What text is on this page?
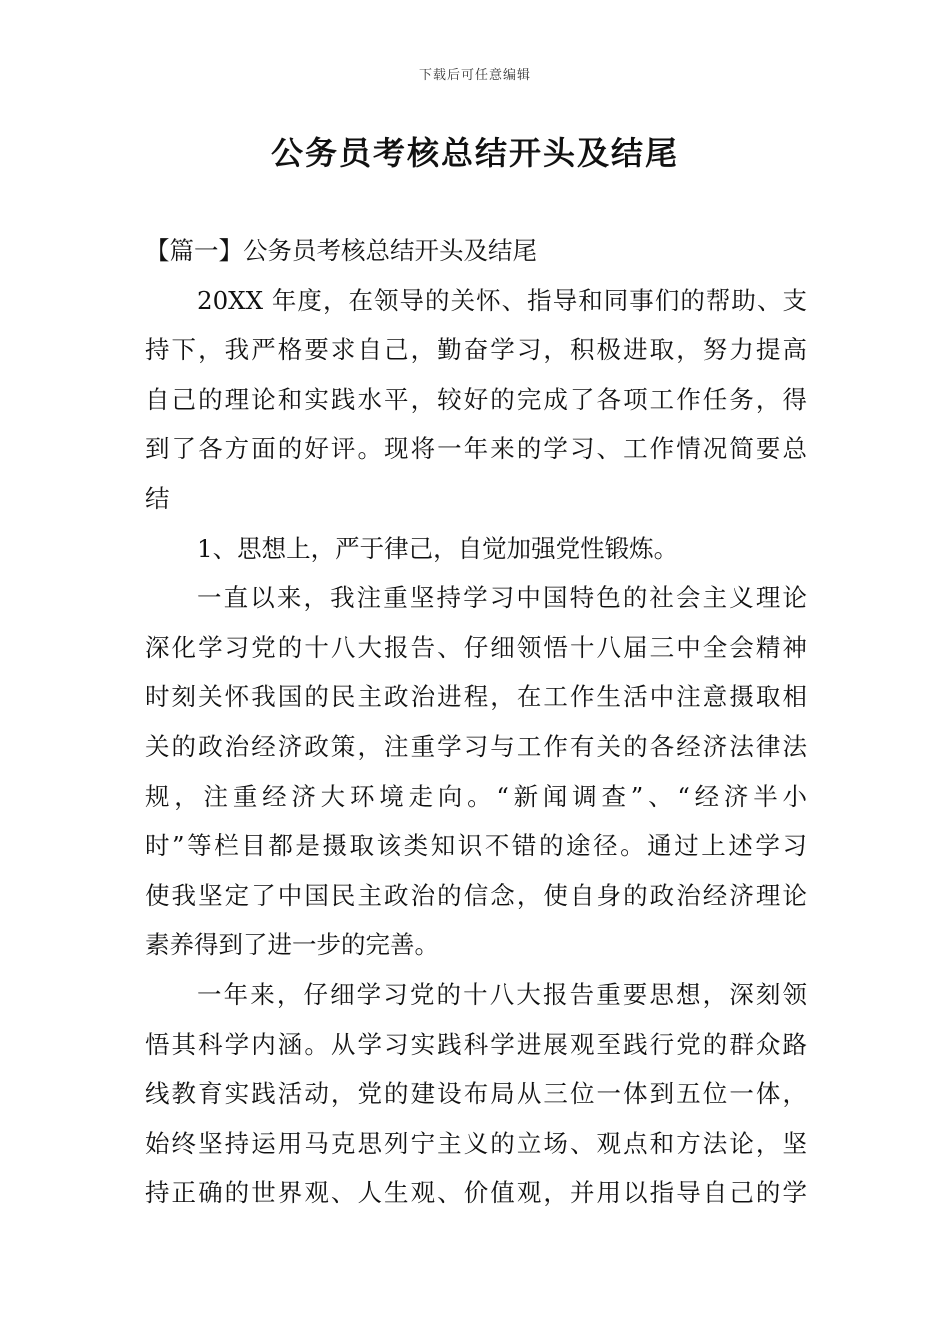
下载后可任意编辑
公务员考核总结开头及结尾
【篇一】公务员考核总结开头及结尾
20XX 年度，在领导的关怀、指导和同事们的帮助、支
持下，我严格要求自己，勤奋学习，积极进取，努力提高
自己的理论和实践水平，较好的完成了各项工作任务，得
到了各方面的好评。现将一年来的学习、工作情况简要总
结
1、思想上，严于律己，自觉加强党性锻炼。
一直以来，我注重坚持学习中国特色的社会主义理论
深化学习党的十八大报告、仔细领悟十八届三中全会精神
时刻关怀我国的民主政治进程，在工作生活中注意摄取相
关的政治经济政策，注重学习与工作有关的各经济法律法
规，注重经济大环境走向。“新闻调查”、“经济半小
时”等栏目都是摄取该类知识不错的途径。通过上述学习
使我坚定了中国民主政治的信念，使自身的政治经济理论
素养得到了进一步的完善。
一年来，仔细学习党的十八大报告重要思想，深刻领
悟其科学内涵。从学习实践科学进展观至践行党的群众路
线教育实践活动，党的建设布局从三位一体到五位一体，
始终坚持运用马克思列宁主义的立场、观点和方法论，坚
持正确的世界观、人生观、价值观，并用以指导自己的学
